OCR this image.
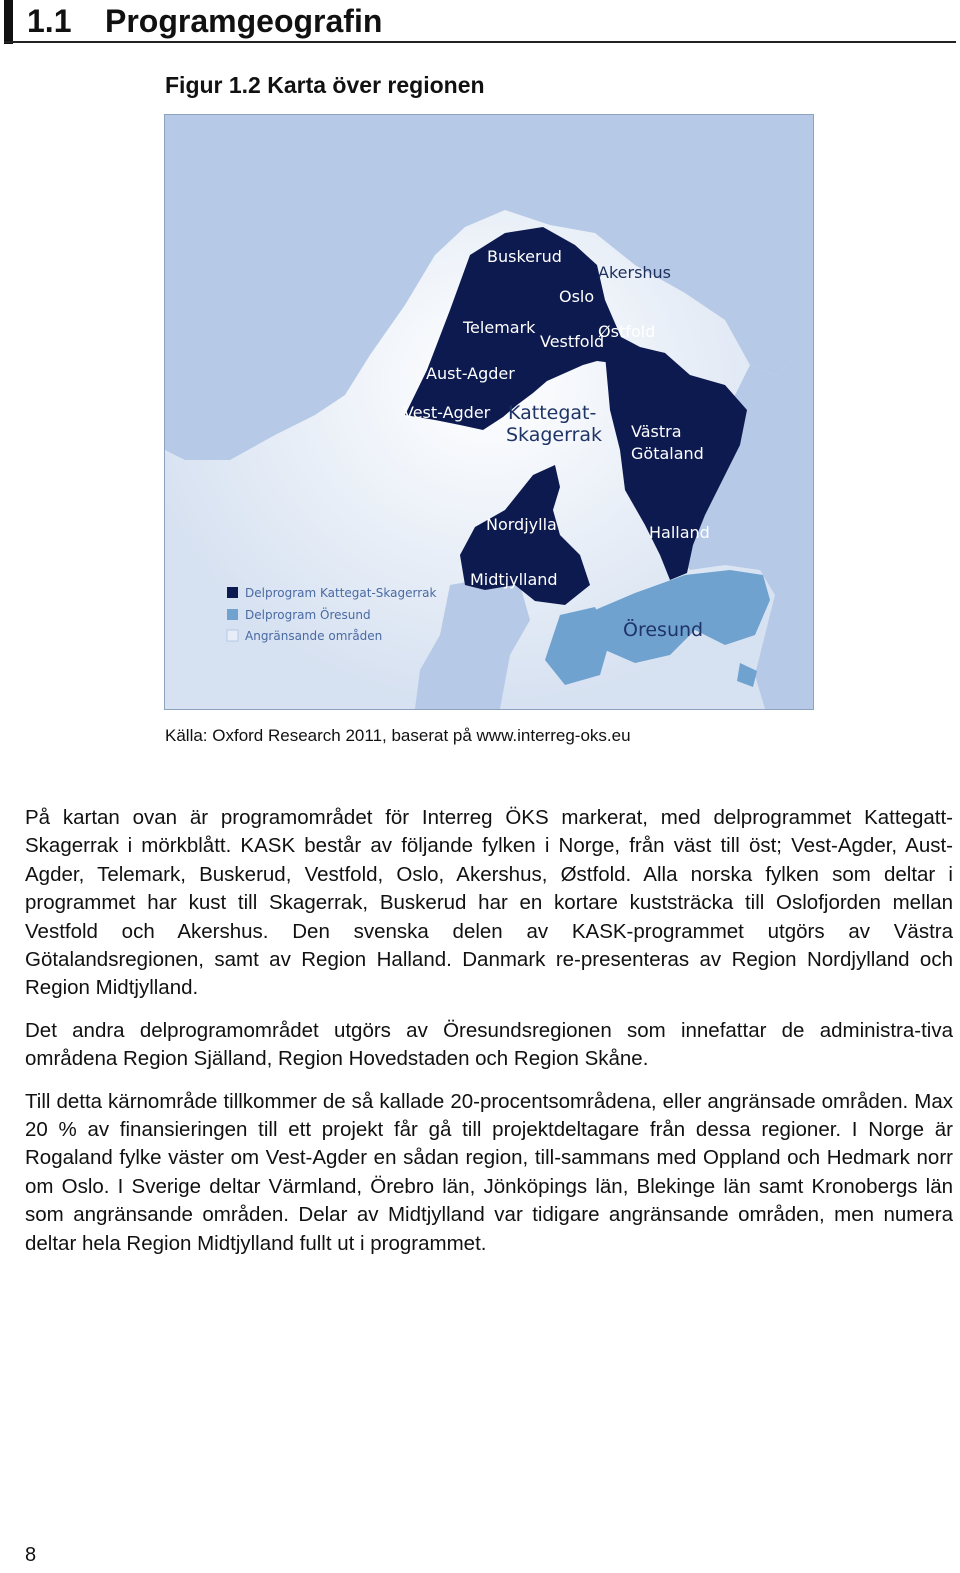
1.1 Programgeografin
Figur 1.2 Karta över regionen
Buskerud
Akershus
Oslo
Telemark
Vestfold
Østfold
Aust-Agder
Vest-Agder Kattegat-
Skagerrak Västra
Götaland
Nordjylla	Halland
Midtjylland
Öresund
Delprogram Kattegat-Skagerrak
Delprogram Öresund
Angränsande områden
Källa: Oxford Research 2011, baserat på www.interreg-oks.eu

På kartan ovan är programområdet för Interreg ÖKS markerat, med delprogrammet Kattegatt-Skagerrak i mörkblått. KASK består av följande fylken i Norge, från väst till öst; Vest-Agder, Aust-Agder, Telemark, Buskerud, Vestfold, Oslo, Akershus, Østfold. Alla norska fylken som deltar i programmet har kust till Skagerrak, Buskerud har en kortare kuststräcka till Oslofjorden mellan Vestfold och Akershus. Den svenska delen av KASK-programmet utgörs av Västra Götalandsregionen, samt av Region Halland. Danmark re-presenteras av Region Nordjylland och Region Midtjylland.

Det andra delprogramområdet utgörs av Öresundsregionen som innefattar de administra-tiva områdena Region Själland, Region Hovedstaden och Region Skåne.

Till detta kärnområde tillkommer de så kallade 20-procentsområdena, eller angränsade områden. Max 20 % av finansieringen till ett projekt får gå till projektdeltagare från dessa regioner. I Norge är Rogaland fylke väster om Vest-Agder en sådan region, till-sammans med Oppland och Hedmark norr om Oslo. I Sverige deltar Värmland, Örebro län, Jönköpings län, Blekinge län samt Kronobergs län som angränsande områden. Delar av Midtjylland var tidigare angränsande områden, men numera deltar hela Region Midtjylland fullt ut i programmet.

8
